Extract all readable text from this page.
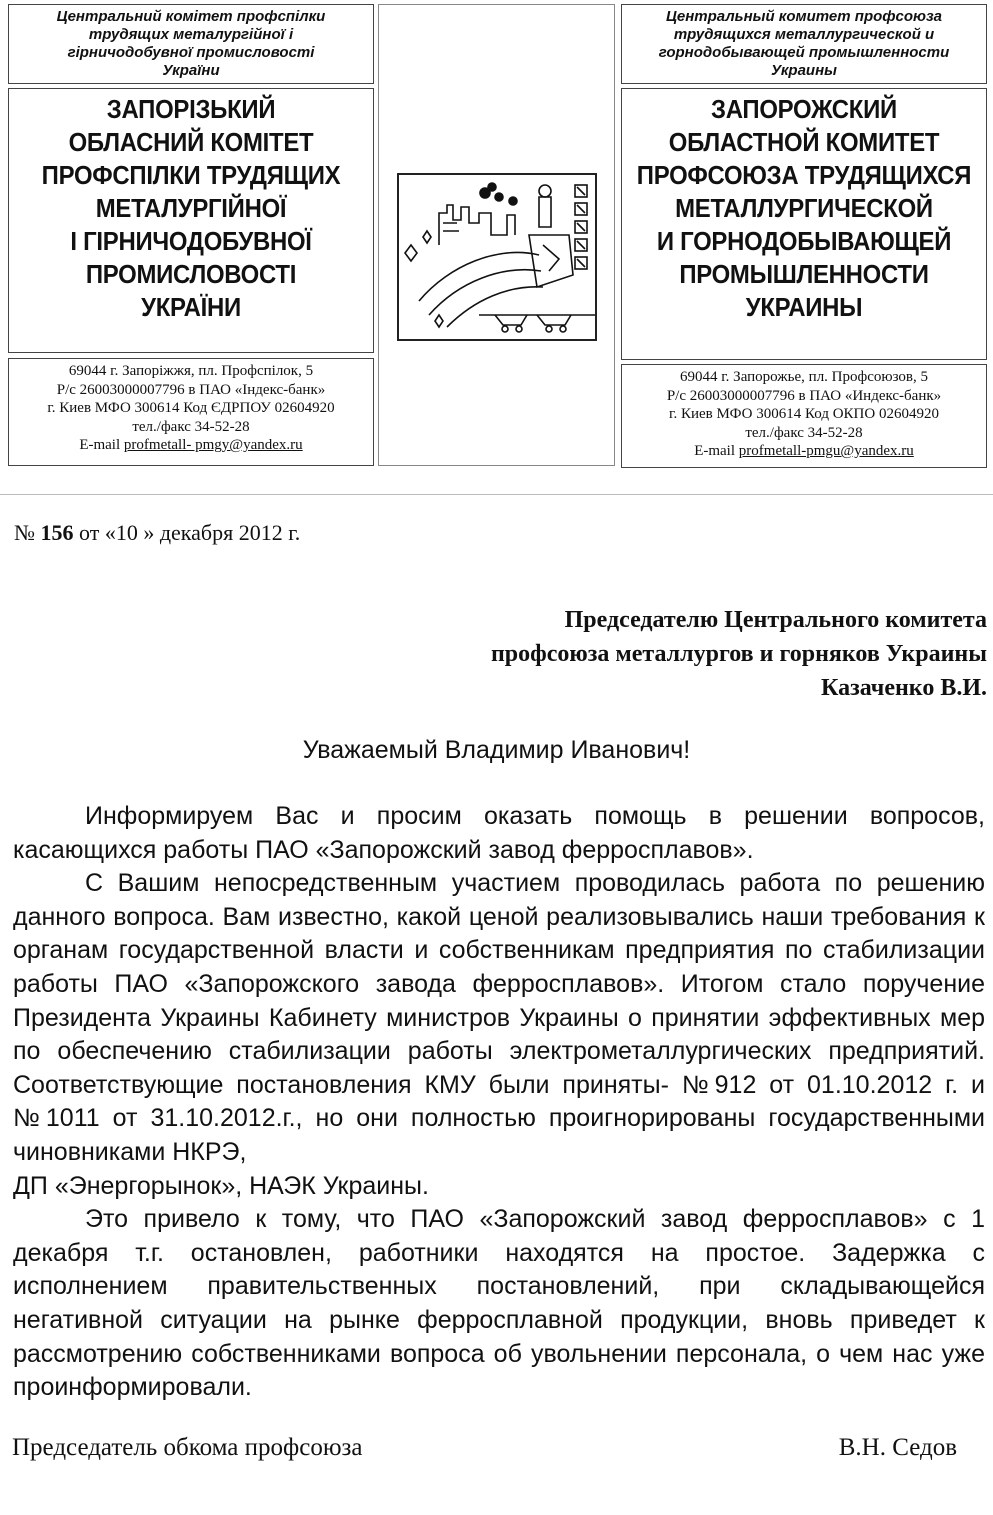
Центральний комітет профспілки
трудящих металургійної і
гірничодобувної промисловості
України
ЗАПОРІЗЬКИЙ
ОБЛАСНИЙ КОМІТЕТ
ПРОФСПІЛКИ ТРУДЯЩИХ
МЕТАЛУРГІЙНОЇ
І ГІРНИЧОДОБУВНОЇ
ПРОМИСЛОВОСТІ
УКРАЇНИ
69044 г. Запоріжжя, пл. Профспілок, 5
Р/с 26003000007796 в ПАО «Індекс-банк»
г. Киев МФО 300614 Код ЄДРПОУ 02604920
тел./факс 34-52-28
E-mail profmetall- pmgy@yandex.ru
Центральный комитет профсоюза
трудящихся металлургической и
горнодобывающей промышленности
Украины
ЗАПОРОЖСКИЙ
ОБЛАСТНОЙ КОМИТЕТ
ПРОФСОЮЗА ТРУДЯЩИХСЯ
МЕТАЛЛУРГИЧЕСКОЙ
И ГОРНОДОБЫВАЮЩЕЙ
ПРОМЫШЛЕННОСТИ
УКРАИНЫ
69044 г. Запорожье, пл. Профсоюзов, 5
Р/с 26003000007796 в ПАО «Индекс-банк»
г. Киев МФО 300614 Код ОКПО 02604920
тел./факс 34-52-28
E-mail profmetall-pmgu@yandex.ru
№ 156 от «10 » декабря 2012 г.
Председателю Центрального комитета
профсоюза металлургов и горняков Украины
Казаченко В.И.
Уважаемый Владимир Иванович!

Информируем Вас и просим оказать помощь в решении вопросов, касающихся работы ПАО «Запорожский завод ферросплавов».

С Вашим непосредственным участием проводилась работа по решению данного вопроса. Вам известно, какой ценой реализовывались наши требования к органам государственной власти и собственникам предприятия по стабилизации работы ПАО «Запорожского завода ферросплавов». Итогом стало поручение Президента Украины Кабинету министров Украины о принятии эффективных мер по обеспечению стабилизации работы электрометаллургических предприятий. Соответствующие постановления КМУ были приняты- №912 от 01.10.2012 г. и №1011 от 31.10.2012.г., но они полностью проигнорированы государственными чиновниками НКРЭ,

ДП «Энергорынок», НАЭК Украины.

Это привело к тому, что ПАО «Запорожский завод ферросплавов» с 1 декабря т.г. остановлен, работники находятся на простое. Задержка с исполнением правительственных постановлений, при складывающейся негативной ситуации на рынке ферросплавной продукции, вновь приведет к рассмотрению собственниками вопроса об увольнении персонала, о чем нас уже проинформировали.

Председатель обкома профсоюза	В.Н. Седов
